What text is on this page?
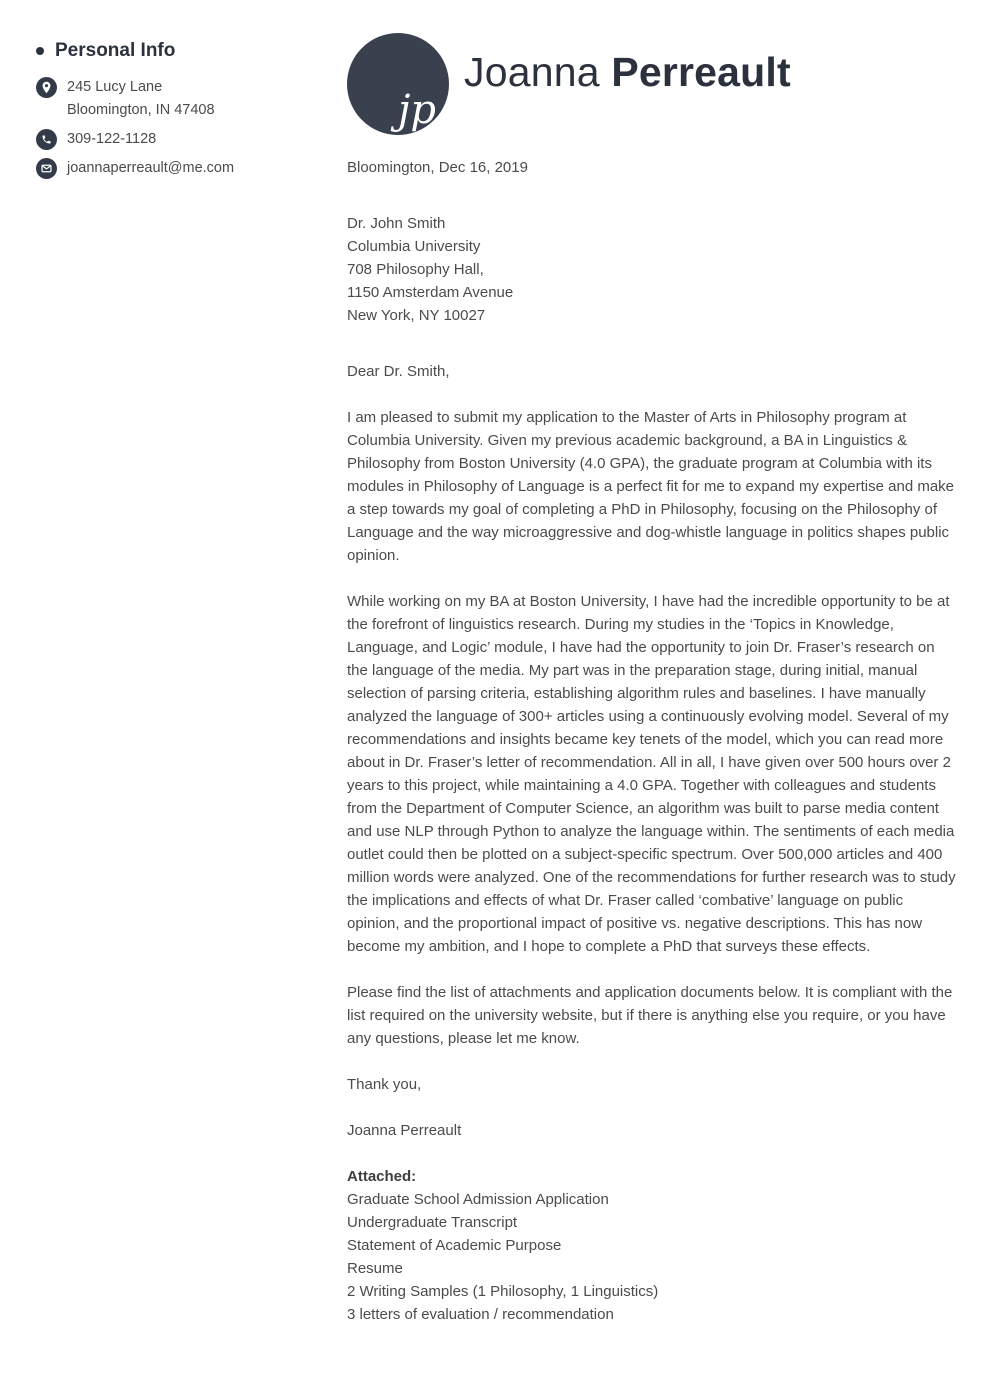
Personal Info
245 Lucy Lane
Bloomington, IN 47408
309-122-1128
joannaperreault@me.com
jp
Joanna Perreault
Bloomington, Dec 16, 2019
Dr. John Smith
Columbia University
708 Philosophy Hall,
1150 Amsterdam Avenue
New York, NY 10027
Dear Dr. Smith,

I am pleased to submit my application to the Master of Arts in Philosophy program at Columbia University. Given my previous academic background, a BA in Linguistics & Philosophy from Boston University (4.0 GPA), the graduate program at Columbia with its modules in Philosophy of Language is a perfect fit for me to expand my expertise and make a step towards my goal of completing a PhD in Philosophy, focusing on the Philosophy of Language and the way microaggressive and dog-whistle language in politics shapes public opinion.

While working on my BA at Boston University, I have had the incredible opportunity to be at the forefront of linguistics research. During my studies in the ‘Topics in Knowledge, Language, and Logic’ module, I have had the opportunity to join Dr. Fraser’s research on the language of the media. My part was in the preparation stage, during initial, manual selection of parsing criteria, establishing algorithm rules and baselines. I have manually analyzed the language of 300+ articles using a continuously evolving model. Several of my recommendations and insights became key tenets of the model, which you can read more about in Dr. Fraser’s letter of recommendation. All in all, I have given over 500 hours over 2 years to this project, while maintaining a 4.0 GPA. Together with colleagues and students from the Department of Computer Science, an algorithm was built to parse media content and use NLP through Python to analyze the language within. The sentiments of each media outlet could then be plotted on a subject-specific spectrum. Over 500,000 articles and 400 million words were analyzed. One of the recommendations for further research was to study the implications and effects of what Dr. Fraser called ‘combative’ language on public opinion, and the proportional impact of positive vs. negative descriptions. This has now become my ambition, and I hope to complete a PhD that surveys these effects.

Please find the list of attachments and application documents below. It is compliant with the list required on the university website, but if there is anything else you require, or you have any questions, please let me know.

Thank you,
Joanna Perreault
Attached:
Graduate School Admission Application
Undergraduate Transcript
Statement of Academic Purpose
Resume
2 Writing Samples (1 Philosophy, 1 Linguistics)
3 letters of evaluation / recommendation
